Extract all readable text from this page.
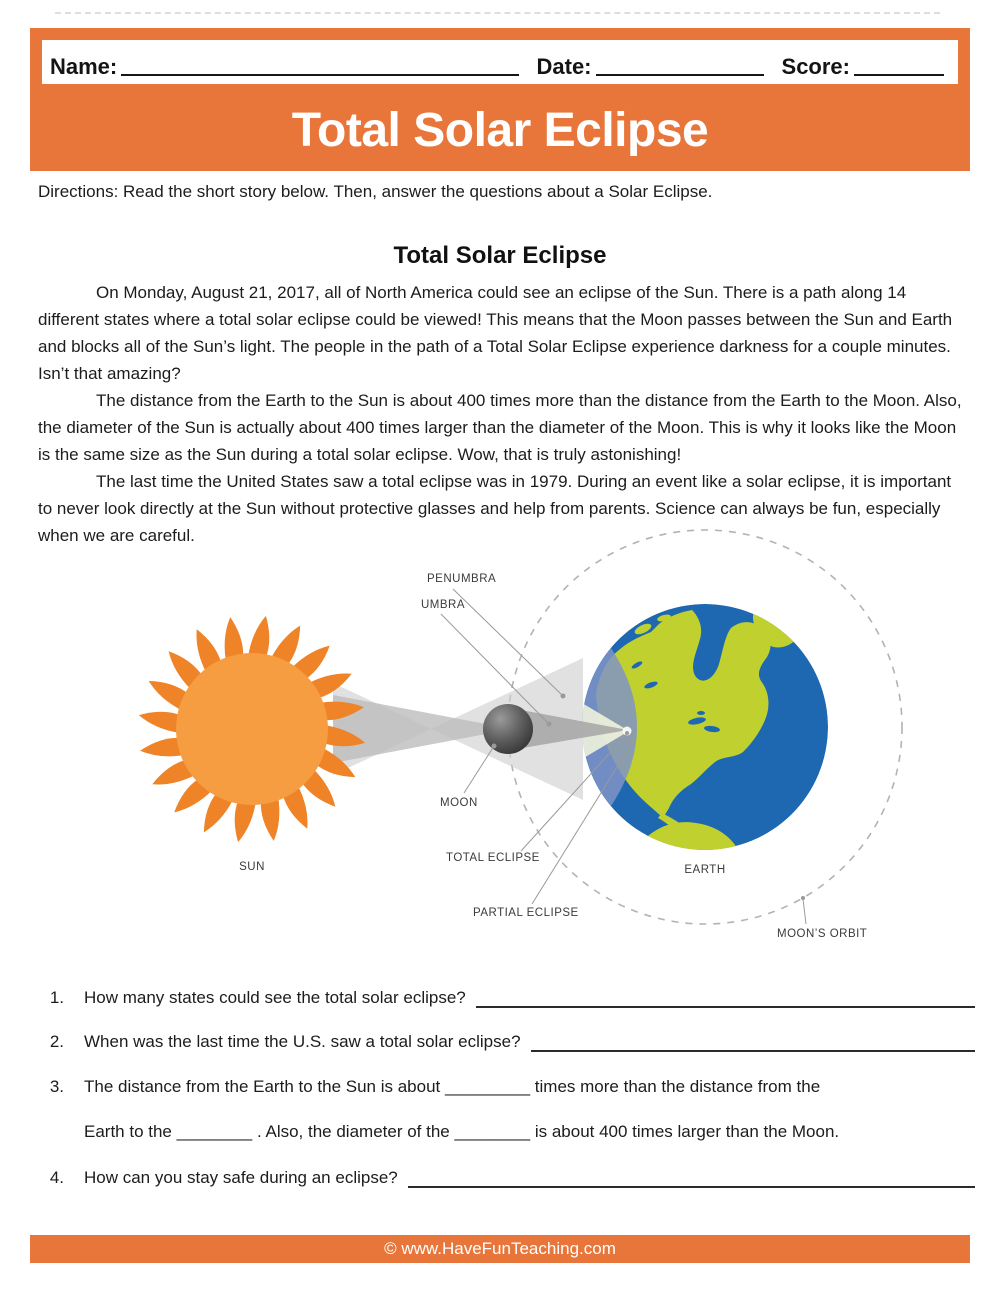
Name:	Date:	Score:
Total Solar Eclipse
Directions: Read the short story below. Then, answer the questions about a Solar Eclipse.
Total Solar Eclipse

On Monday, August 21, 2017, all of North America could see an eclipse of the Sun. There is a path along 14 different states where a total solar eclipse could be viewed! This means that the Moon passes between the Sun and Earth and blocks all of the Sun’s light. The people in the path of a Total Solar Eclipse experience darkness for a couple minutes. Isn’t that amazing?

The distance from the Earth to the Sun is about 400 times more than the distance from the Earth to the Moon. Also, the diameter of the Sun is actually about 400 times larger than the diameter of the Moon. This is why it looks like the Moon is the same size as the Sun during a total solar eclipse. Wow, that is truly astonishing!

The last time the United States saw a total eclipse was in 1979. During an event like a solar eclipse, it is important to never look directly at the Sun without protective glasses and help from parents. Science can always be fun, especially when we are careful.

PENUMBRA
UMBRA
MOON
TOTAL ECLIPSE
PARTIAL ECLIPSE
SUN	EARTH
MOON’S ORBIT
1. How many states could see the total solar eclipse?
2. When was the last time the U.S. saw a total solar eclipse?
3. The distance from the Earth to the Sun is about _________ times more than the distance from the
Earth to the ________ . Also, the diameter of the ________ is about 400 times larger than the Moon.
4. How can you stay safe during an eclipse?
© www.HaveFunTeaching.com
